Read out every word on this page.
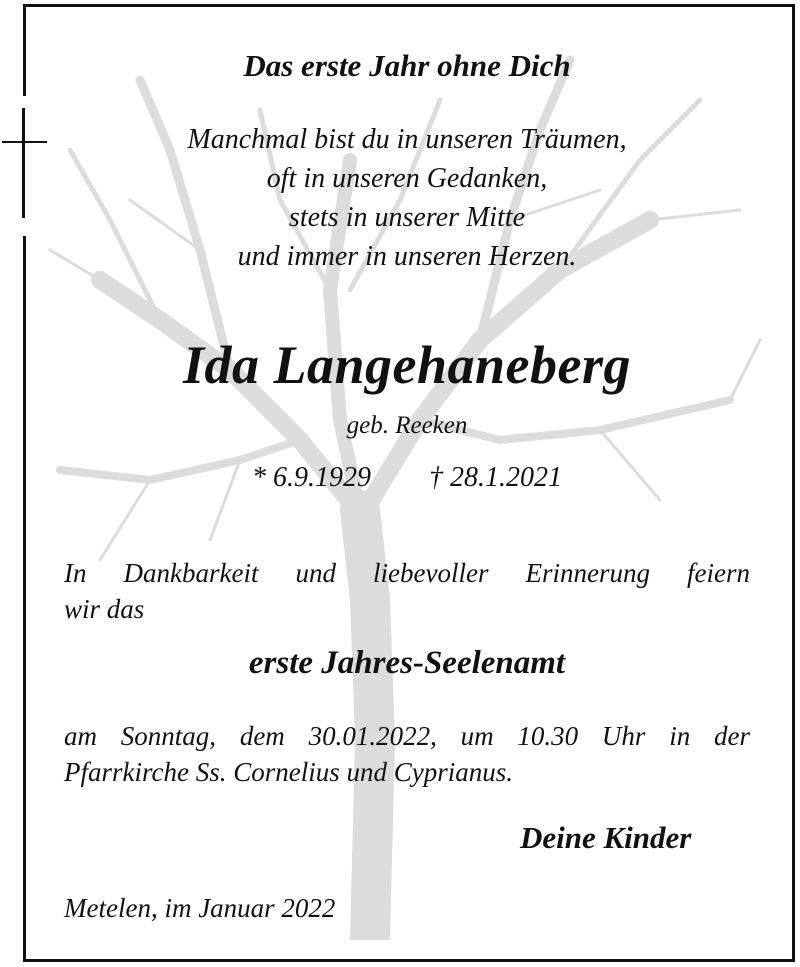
Das erste Jahr ohne Dich

Manchmal bist du in unseren Träumen,
oft in unseren Gedanken,
stets in unserer Mitte
und immer in unseren Herzen.

Ida Langehaneberg

geb. Reeken

* 6.9.1929 † 28.1.2021

In Dankbarkeit und liebevoller Erinnerung feiern
wir das

erste Jahres-Seelenamt

am Sonntag, dem 30.01.2022, um 10.30 Uhr in der
Pfarrkirche Ss. Cornelius und Cyprianus.

Deine Kinder

Metelen, im Januar 2022
